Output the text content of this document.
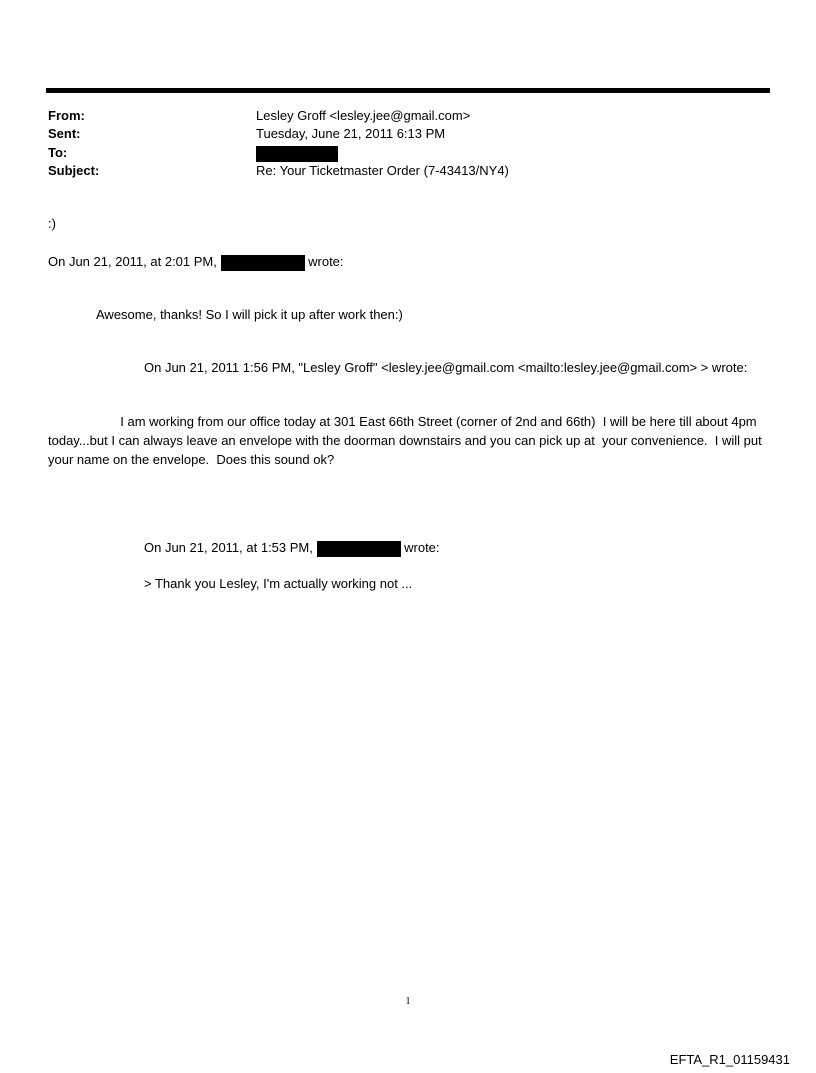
From:	Lesley Groff <lesley.jee@gmail.com>
Sent:	Tuesday, June 21, 2011 6:13 PM
To:
Subject:	Re: Your Ticketmaster Order (7-43413/NY4)
:)
On Jun 21, 2011, at 2:01 PM,	wrote:
Awesome, thanks! So I will pick it up after work then:)
On Jun 21, 2011 1:56 PM, "Lesley Groff" <lesley.jee@gmail.com <mailto:lesley.jee@gmail.com> > wrote:
I am working from our office today at 301 East 66th Street (corner of 2nd and 66th)  I will be here till about 4pm today...but I can always leave an envelope with the doorman downstairs and you can pick up at  your convenience.  I will put your name on the envelope.  Does this sound ok?
On Jun 21, 2011, at 1:53 PM,	wrote:
> Thank you Lesley, I'm actually working not ...
1
EFTA_R1_01159431
